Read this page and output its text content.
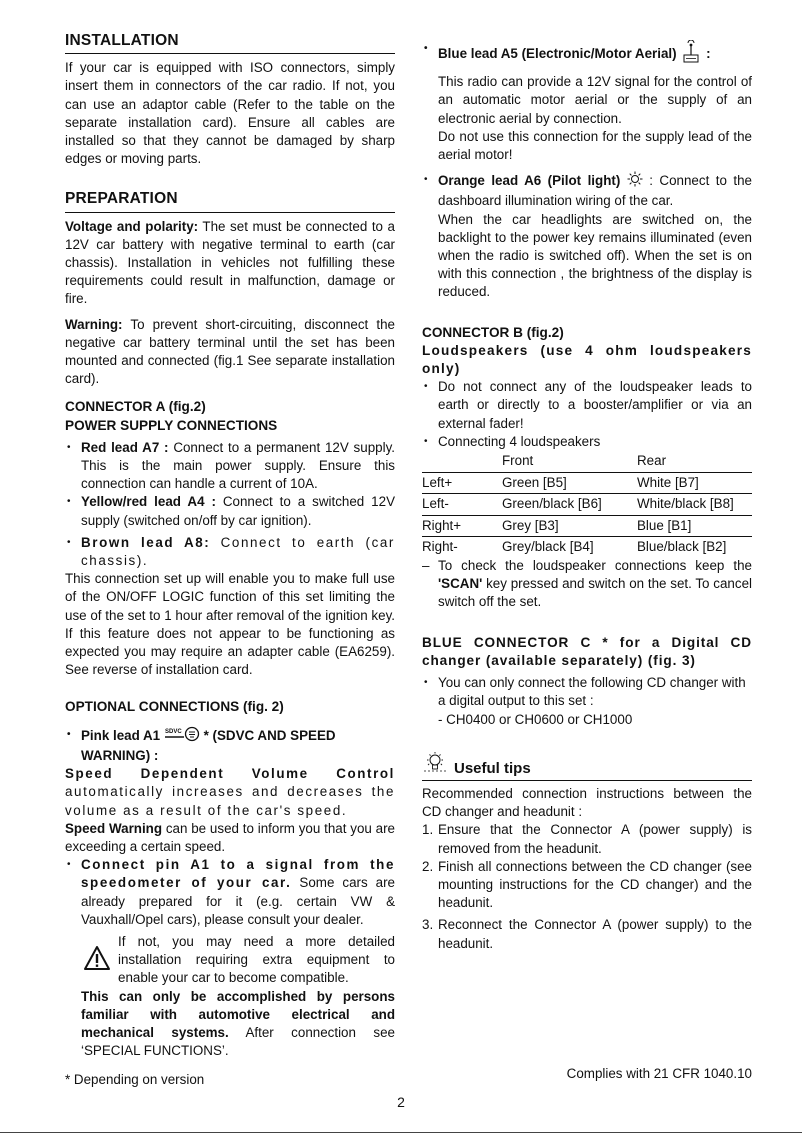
INSTALLATION

If your car is equipped with ISO connectors, simply insert them in connectors of the car radio. If not, you can use an adaptor cable (Refer to the table on the separate installation card). Ensure all cables are installed so that they cannot be damaged by sharp edges or moving parts.

PREPARATION

Voltage and polarity: The set must be connected to a 12V car battery with negative terminal to earth (car chassis). Installation in vehicles not fulfilling these requirements could result in malfunction, damage or fire.

Warning: To prevent short-circuiting, disconnect the negative car battery terminal until the set has been mounted and connected (fig.1 See separate installation card).

CONNECTOR A (fig.2)

POWER SUPPLY CONNECTIONS

• Red lead A7 : Connect to a permanent 12V supply. This is the main power supply. Ensure this connection can handle a current of 10A.

• Yellow/red lead A4 : Connect to a switched 12V supply (switched on/off by car ignition).

• Brown lead A8: Connect to earth (car chassis).

This connection set up will enable you to make full use of the ON/OFF LOGIC function of this set limiting the use of the set to 1 hour after removal of the ignition key. If this feature does not appear to be functioning as expected you may require an adapter cable (EA6259). See reverse of installation card.

OPTIONAL CONNECTIONS (fig. 2)

• Pink lead A1 SDVC * (SDVC AND SPEED WARNING) :

Speed Dependent Volume Control automatically increases and decreases the volume as a result of the car's speed.

Speed Warning can be used to inform you that you are exceeding a certain speed.

• Connect pin A1 to a signal from the speedometer of your car. Some cars are already prepared for it (e.g. certain VW & Vauxhall/Opel cars), please consult your dealer.

If not, you may need a more detailed installation requiring extra equipment to enable your car to become compatible.

This can only be accomplished by persons familiar with automotive electrical and mechanical systems. After connection see ‘SPECIAL FUNCTIONS’.

• Blue lead A5 (Electronic/Motor Aerial)  :

This radio can provide a 12V signal for the control of an automatic motor aerial or the supply of an electronic aerial by connection.

Do not use this connection for the supply lead of the aerial motor!

• Orange lead A6 (Pilot light)  : Connect to the dashboard illumination wiring of the car.

When the car headlights are switched on, the backlight to the power key remains illuminated (even when the radio is switched off). When the set is on with this connection , the brightness of the display is reduced.

CONNECTOR B (fig.2)

Loudspeakers (use 4 ohm loudspeakers only)

• Do not connect any of the loudspeaker leads to earth or directly to a booster/amplifier or via an external fader!

• Connecting 4 loudspeakers

	Front	Rear
Left+	Green [B5]	White [B7]
Left-	Green/black [B6]	White/black [B8]
Right+	Grey [B3]	Blue [B1]
Right-	Grey/black [B4]	Blue/black [B2]

– To check the loudspeaker connections keep the 'SCAN' key pressed and switch on the set. To cancel switch off the set.

BLUE CONNECTOR C * for a Digital CD changer (available separately) (fig. 3)

• You can only connect the following CD changer with a digital output to this set :

- CH0400 or CH0600 or CH1000

Useful tips

Recommended connection instructions between the CD changer and headunit :

1. Ensure that the Connector A (power supply) is removed from the headunit.

2. Finish all connections between the CD changer (see mounting instructions for the CD changer) and the headunit.

3. Reconnect the Connector A (power supply) to the headunit.

* Depending on version	Complies with 21 CFR 1040.10
2
